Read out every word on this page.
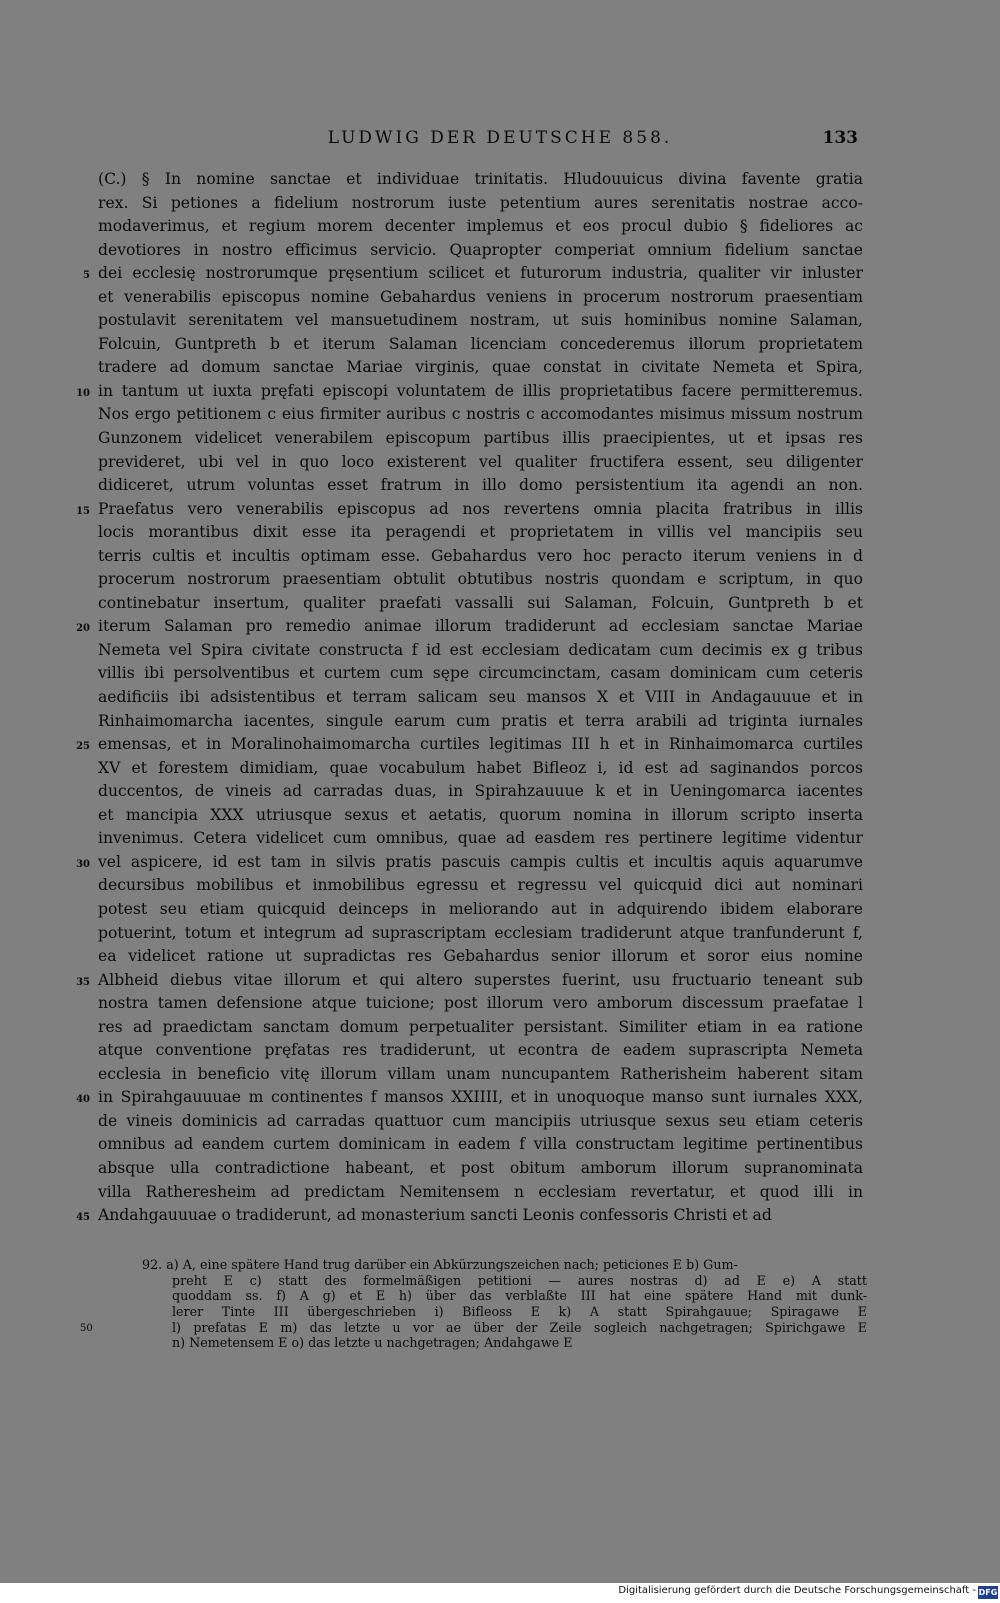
LUDWIG DER DEUTSCHE 858.	133
(C.) § In nomine sanctae et individuae trinitatis. Hludouuicus divina favente gratia
rex. Si petiones a fidelium nostrorum iuste petentium aures serenitatis nostrae acco-
modaverimus, et regium morem decenter implemus et eos procul dubio § fideliores ac
devotiores in nostro efficimus servicio. Quapropter comperiat omnium fidelium sanctae
5 dei ecclesię nostrorumque pręsentium scilicet et futurorum industria, qualiter vir inluster
et venerabilis episcopus nomine Gebahardus veniens in procerum nostrorum praesentiam
postulavit serenitatem vel mansuetudinem nostram, ut suis hominibus nomine Salaman,
Folcuin, Guntpreth b et iterum Salaman licenciam concederemus illorum proprietatem
tradere ad domum sanctae Mariae virginis, quae constat in civitate Nemeta et Spira,
10 in tantum ut iuxta pręfati episcopi voluntatem de illis proprietatibus facere permitteremus.
Nos ergo petitionem c eius firmiter auribus c nostris c accomodantes misimus missum nostrum
Gunzonem videlicet venerabilem episcopum partibus illis praecipientes, ut et ipsas res
previderet, ubi vel in quo loco existerent vel qualiter fructifera essent, seu diligenter
didiceret, utrum voluntas esset fratrum in illo domo persistentium ita agendi an non.
15 Praefatus vero venerabilis episcopus ad nos revertens omnia placita fratribus in illis
locis morantibus dixit esse ita peragendi et proprietatem in villis vel mancipiis seu
terris cultis et incultis optimam esse. Gebahardus vero hoc peracto iterum veniens in d
procerum nostrorum praesentiam obtulit obtutibus nostris quondam e scriptum, in quo
continebatur insertum, qualiter praefati vassalli sui Salaman, Folcuin, Guntpreth b et
20 iterum Salaman pro remedio animae illorum tradiderunt ad ecclesiam sanctae Mariae
Nemeta vel Spira civitate constructa f id est ecclesiam dedicatam cum decimis ex g tribus
villis ibi persolventibus et curtem cum sępe circumcinctam, casam dominicam cum ceteris
aedificiis ibi adsistentibus et terram salicam seu mansos X et VIII in Andagauuue et in
Rinhaimomarcha iacentes, singule earum cum pratis et terra arabili ad triginta iurnales
25 emensas, et in Moralinohaimomarcha curtiles legitimas III h et in Rinhaimomarca curtiles
XV et forestem dimidiam, quae vocabulum habet Bifleoz i, id est ad saginandos porcos
duccentos, de vineis ad carradas duas, in Spirahzauuue k et in Ueningomarca iacentes
et mancipia XXX utriusque sexus et aetatis, quorum nomina in illorum scripto inserta
invenimus. Cetera videlicet cum omnibus, quae ad easdem res pertinere legitime videntur
30 vel aspicere, id est tam in silvis pratis pascuis campis cultis et incultis aquis aquarumve
decursibus mobilibus et inmobilibus egressu et regressu vel quicquid dici aut nominari
potest seu etiam quicquid deinceps in meliorando aut in adquirendo ibidem elaborare
potuerint, totum et integrum ad suprascriptam ecclesiam tradiderunt atque tranfunderunt f,
ea videlicet ratione ut supradictas res Gebahardus senior illorum et soror eius nomine
35 Albheid diebus vitae illorum et qui altero superstes fuerint, usu fructuario teneant sub
nostra tamen defensione atque tuicione; post illorum vero amborum discessum praefatae l
res ad praedictam sanctam domum perpetualiter persistant. Similiter etiam in ea ratione
atque conventione pręfatas res tradiderunt, ut econtra de eadem suprascripta Nemeta
ecclesia in beneficio vitę illorum villam unam nuncupantem Ratherisheim haberent sitam
40 in Spirahgauuuae m continentes f mansos XXIIII, et in unoquoque manso sunt iurnales XXX,
de vineis dominicis ad carradas quattuor cum mancipiis utriusque sexus seu etiam ceteris
omnibus ad eandem curtem dominicam in eadem f villa constructam legitime pertinentibus
absque ulla contradictione habeant, et post obitum amborum illorum supranominata
villa Ratheresheim ad predictam Nemitensem n ecclesiam revertatur, et quod illi in
45 Andahgauuuae o tradiderunt, ad monasterium sancti Leonis confessoris Christi et ad
92. a) A, eine spätere Hand trug darüber ein Abkürzungszeichen nach; peticiones E b) Gum-
preht E c) statt des formelmäßigen petitioni — aures nostras d) ad E e) A statt
quoddam ss. f) A g) et E h) über das verblaßte III hat eine spätere Hand mit dunk-
lerer Tinte III übergeschrieben i) Bifleoss E k) A statt Spirahgauue; Spiragawe E
50	l) prefatas E m) das letzte u vor ae über der Zeile sogleich nachgetragen; Spirichgawe E
n) Nemetensem E o) das letzte u nachgetragen; Andahgawe E
Digitalisierung gefördert durch die Deutsche Forschungsgemeinschaft - DFG
